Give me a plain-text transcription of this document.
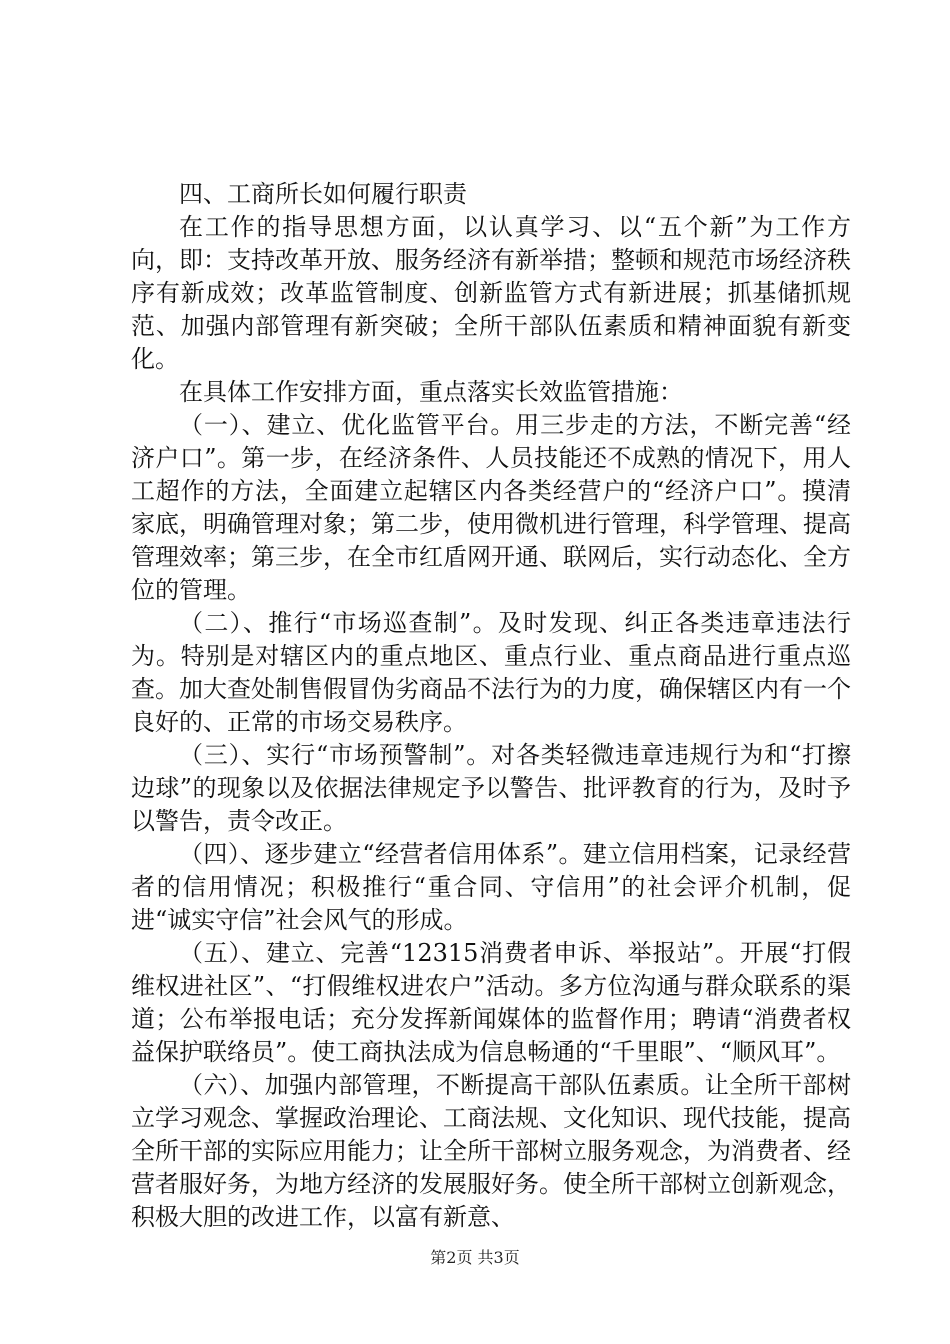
四、工商所长如何履行职责

在工作的指导思想方面，以认真学习、以“五个新”为工作方向，即：支持改革开放、服务经济有新举措；整顿和规范市场经济秩序有新成效；改革监管制度、创新监管方式有新进展；抓基储抓规范、加强内部管理有新突破；全所干部队伍素质和精神面貌有新变化。

在具体工作安排方面，重点落实长效监管措施：

（一）、建立、优化监管平台。用三步走的方法，不断完善“经济户口”。第一步，在经济条件、人员技能还不成熟的情况下，用人工超作的方法，全面建立起辖区内各类经营户的“经济户口”。摸清家底，明确管理对象；第二步，使用微机进行管理，科学管理、提高管理效率；第三步，在全市红盾网开通、联网后，实行动态化、全方位的管理。

（二）、推行“市场巡查制”。及时发现、纠正各类违章违法行为。特别是对辖区内的重点地区、重点行业、重点商品进行重点巡查。加大查处制售假冒伪劣商品不法行为的力度，确保辖区内有一个良好的、正常的市场交易秩序。

（三）、实行“市场预警制”。对各类轻微违章违规行为和“打擦边球”的现象以及依据法律规定予以警告、批评教育的行为，及时予以警告，责令改正。

（四）、逐步建立“经营者信用体系”。建立信用档案，记录经营者的信用情况；积极推行“重合同、守信用”的社会评介机制，促进“诚实守信”社会风气的形成。

（五）、建立、完善“12315消费者申诉、举报站”。开展“打假维权进社区”、“打假维权进农户”活动。多方位沟通与群众联系的渠道；公布举报电话；充分发挥新闻媒体的监督作用；聘请“消费者权益保护联络员”。使工商执法成为信息畅通的“千里眼”、“顺风耳”。

（六）、加强内部管理，不断提高干部队伍素质。让全所干部树立学习观念、掌握政治理论、工商法规、文化知识、现代技能，提高全所干部的实际应用能力；让全所干部树立服务观念，为消费者、经营者服好务，为地方经济的发展服好务。使全所干部树立创新观念，积极大胆的改进工作，以富有新意、

第2页 共3页
